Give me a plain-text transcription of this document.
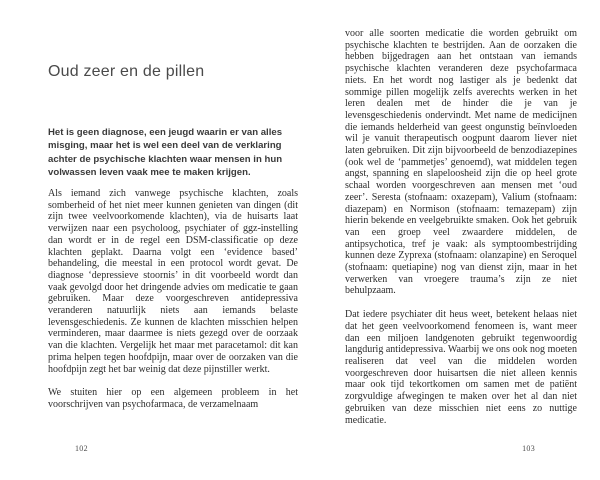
Oud zeer en de pillen

Het is geen diagnose, een jeugd waarin er van alles misging, maar het is wel een deel van de verklaring achter de psychische klachten waar mensen in hun volwassen leven vaak mee te maken krijgen.

Als iemand zich vanwege psychische klachten, zoals somberheid of het niet meer kunnen genieten van dingen (dit zijn twee veelvoorkomende klachten), via de huisarts laat verwijzen naar een psycholoog, psychiater of ggz-instelling dan wordt er in de regel een DSM-classificatie op deze klachten geplakt. Daarna volgt een ‘evidence based’ behandeling, die meestal in een protocol wordt gevat. De diagnose ‘depressieve stoornis’ in dit voorbeeld wordt dan vaak gevolgd door het dringende advies om medicatie te gaan gebruiken. Maar deze voorgeschreven antidepressiva veranderen natuurlijk niets aan iemands belaste levensgeschiedenis. Ze kunnen de klachten misschien helpen verminderen, maar daarmee is niets gezegd over de oorzaak van die klachten. Vergelijk het maar met paracetamol: dit kan prima helpen tegen hoofdpijn, maar over de oorzaken van die hoofdpijn zegt het bar weinig dat deze pijnstiller werkt.

We stuiten hier op een algemeen probleem in het voorschrijven van psychofarmaca, de verzamelnaam

102

voor alle soorten medicatie die worden gebruikt om psychische klachten te bestrijden. Aan de oorzaken die hebben bijgedragen aan het ontstaan van iemands psychische klachten veranderen deze psychofarmaca niets. En het wordt nog lastiger als je bedenkt dat sommige pillen mogelijk zelfs averechts werken in het leren dealen met de hinder die je van je levensgeschiedenis ondervindt. Met name de medicijnen die iemands helderheid van geest ongunstig beïnvloeden wil je vanuit therapeutisch oogpunt daarom liever niet laten gebruiken. Dit zijn bijvoorbeeld de benzodiazepines (ook wel de ‘pammetjes’ genoemd), wat middelen tegen angst, spanning en slapeloosheid zijn die op heel grote schaal worden voorgeschreven aan mensen met ‘oud zeer’. Seresta (stofnaam: oxazepam), Valium (stofnaam: diazepam) en Normison (stofnaam: temazepam) zijn hierin bekende en veelgebruikte smaken. Ook het gebruik van een groep veel zwaardere middelen, de antipsychotica, tref je vaak: als symptoombestrijding kunnen deze Zyprexa (stofnaam: olanzapine) en Seroquel (stofnaam: quetiapine) nog van dienst zijn, maar in het verwerken van vroegere trauma’s zijn ze niet behulpzaam.

Dat iedere psychiater dit heus weet, betekent helaas niet dat het geen veelvoorkomend fenomeen is, want meer dan een miljoen landgenoten gebruikt tegenwoordig langdurig antidepressiva. Waarbij we ons ook nog moeten realiseren dat veel van die middelen worden voorgeschreven door huisartsen die niet alleen kennis maar ook tijd tekortkomen om samen met de patiënt zorgvuldige afwegingen te maken over het al dan niet gebruiken van deze misschien niet eens zo nuttige medicatie.

103
